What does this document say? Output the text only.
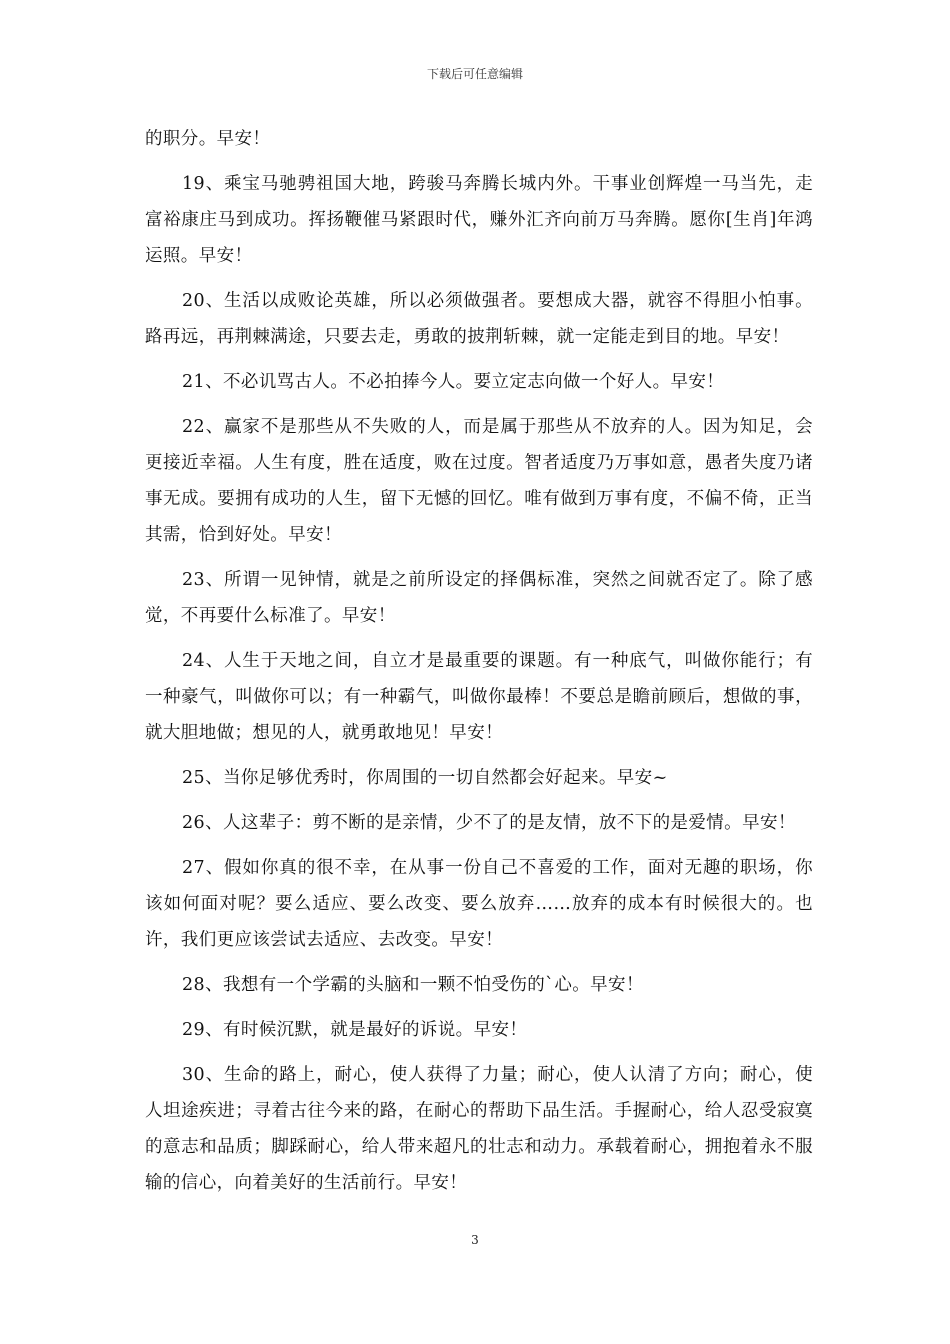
下载后可任意编辑

的职分。早安！

19、乘宝马驰骋祖国大地，跨骏马奔腾长城内外。干事业创辉煌一马当先，走富裕康庄马到成功。挥扬鞭催马紧跟时代，赚外汇齐向前万马奔腾。愿你[生肖]年鸿运照。早安！

20、生活以成败论英雄，所以必须做强者。要想成大器，就容不得胆小怕事。路再远，再荆棘满途，只要去走，勇敢的披荆斩棘，就一定能走到目的地。早安！

21、不必讥骂古人。不必拍捧今人。要立定志向做一个好人。早安！

22、赢家不是那些从不失败的人，而是属于那些从不放弃的人。因为知足，会更接近幸福。人生有度，胜在适度，败在过度。智者适度乃万事如意，愚者失度乃诸事无成。要拥有成功的人生，留下无憾的回忆。唯有做到万事有度，不偏不倚，正当其需，恰到好处。早安！

23、所谓一见钟情，就是之前所设定的择偶标准，突然之间就否定了。除了感觉，不再要什么标准了。早安！

24、人生于天地之间，自立才是最重要的课题。有一种底气，叫做你能行；有一种豪气，叫做你可以；有一种霸气，叫做你最棒！不要总是瞻前顾后，想做的事，就大胆地做；想见的人，就勇敢地见！早安！

25、当你足够优秀时，你周围的一切自然都会好起来。早安~

26、人这辈子：剪不断的是亲情，少不了的是友情，放不下的是爱情。早安！

27、假如你真的很不幸，在从事一份自己不喜爱的工作，面对无趣的职场，你该如何面对呢？要么适应、要么改变、要么放弃……放弃的成本有时候很大的。也许，我们更应该尝试去适应、去改变。早安！

28、我想有一个学霸的头脑和一颗不怕受伤的`心。早安！

29、有时候沉默，就是最好的诉说。早安！

30、生命的路上，耐心，使人获得了力量；耐心，使人认清了方向；耐心，使人坦途疾进；寻着古往今来的路，在耐心的帮助下品生活。手握耐心，给人忍受寂寞的意志和品质；脚踩耐心，给人带来超凡的壮志和动力。承载着耐心，拥抱着永不服输的信心，向着美好的生活前行。早安！

3
